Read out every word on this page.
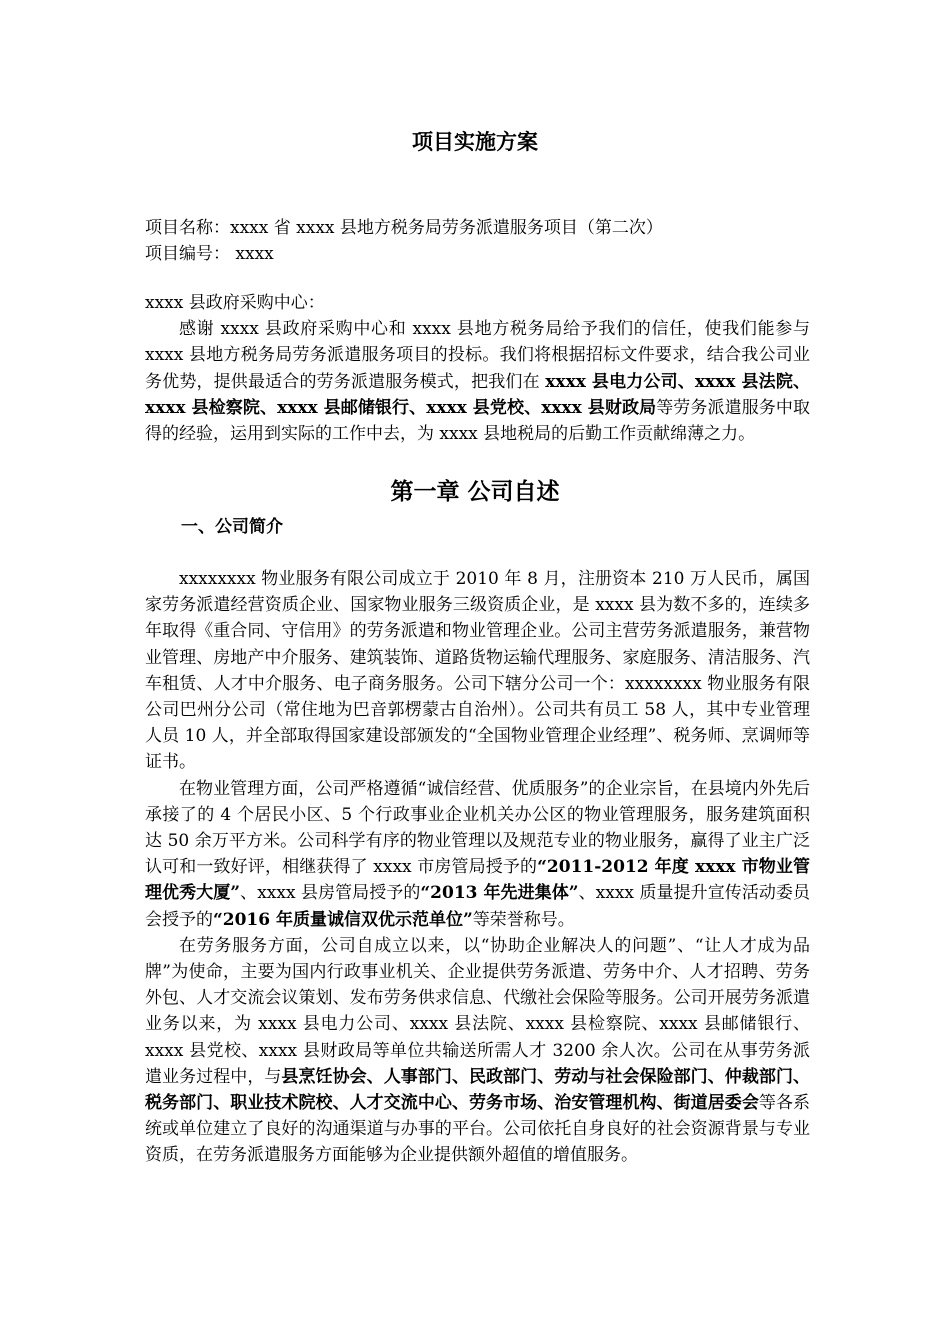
项目实施方案
项目名称：xxxx 省 xxxx 县地方税务局劳务派遣服务项目（第二次）
项目编号： xxxx

xxxx 县政府采购中心：

感谢 xxxx 县政府采购中心和 xxxx 县地方税务局给予我们的信任，使我们能参与 xxxx 县地方税务局劳务派遣服务项目的投标。我们将根据招标文件要求，结合我公司业务优势，提供最适合的劳务派遣服务模式，把我们在 xxxx 县电力公司、xxxx 县法院、xxxx 县检察院、xxxx 县邮储银行、xxxx 县党校、xxxx 县财政局等劳务派遣服务中取得的经验，运用到实际的工作中去，为 xxxx 县地税局的后勤工作贡献绵薄之力。

第一章 公司自述
一、公司简介

xxxxxxxx 物业服务有限公司成立于 2010 年 8 月，注册资本 210 万人民币，属国家劳务派遣经营资质企业、国家物业服务三级资质企业，是 xxxx 县为数不多的，连续多年取得《重合同、守信用》的劳务派遣和物业管理企业。公司主营劳务派遣服务，兼营物业管理、房地产中介服务、建筑装饰、道路货物运输代理服务、家庭服务、清洁服务、汽车租赁、人才中介服务、电子商务服务。公司下辖分公司一个：xxxxxxxx 物业服务有限公司巴州分公司（常住地为巴音郭楞蒙古自治州）。公司共有员工 58 人，其中专业管理人员 10 人，并全部取得国家建设部颁发的“全国物业管理企业经理”、税务师、烹调师等证书。

在物业管理方面，公司严格遵循“诚信经营、优质服务”的企业宗旨，在县境内外先后承接了的 4 个居民小区、5 个行政事业企业机关办公区的物业管理服务，服务建筑面积达 50 余万平方米。公司科学有序的物业管理以及规范专业的物业服务，赢得了业主广泛认可和一致好评，相继获得了 xxxx 市房管局授予的“2011-2012 年度 xxxx 市物业管理优秀大厦”、xxxx 县房管局授予的“2013 年先进集体”、xxxx 质量提升宣传活动委员会授予的“2016 年质量诚信双优示范单位”等荣誉称号。

在劳务服务方面，公司自成立以来，以“协助企业解决人的问题”、“让人才成为品牌”为使命，主要为国内行政事业机关、企业提供劳务派遣、劳务中介、人才招聘、劳务外包、人才交流会议策划、发布劳务供求信息、代缴社会保险等服务。公司开展劳务派遣业务以来，为 xxxx 县电力公司、xxxx 县法院、xxxx 县检察院、xxxx 县邮储银行、xxxx 县党校、xxxx 县财政局等单位共输送所需人才 3200 余人次。公司在从事劳务派遣业务过程中，与县烹饪协会、人事部门、民政部门、劳动与社会保险部门、仲裁部门、税务部门、职业技术院校、人才交流中心、劳务市场、治安管理机构、街道居委会等各系统或单位建立了良好的沟通渠道与办事的平台。公司依托自身良好的社会资源背景与专业资质，在劳务派遣服务方面能够为企业提供额外超值的增值服务。
